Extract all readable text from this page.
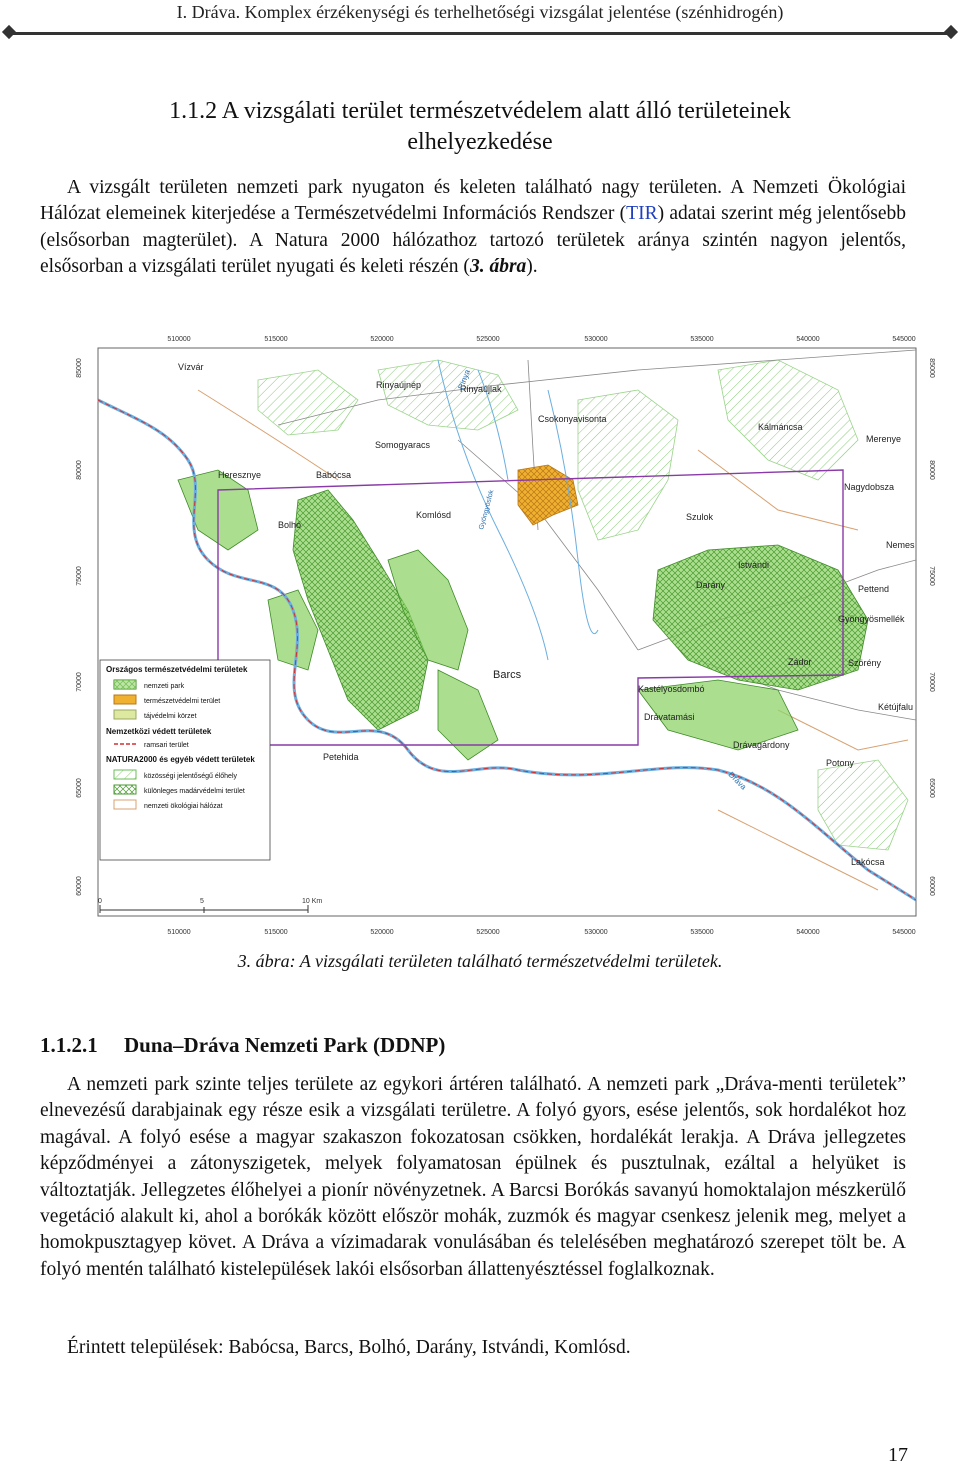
I. Dráva. Komplex érzékenységi és terhelhetőségi vizsgálat jelentése (szénhidrogén)
1.1.2 A vizsgálati terület természetvédelem alatt álló területeinek elhelyezkedése
A vizsgált területen nemzeti park nyugaton és keleten található nagy területen. A Nemzeti Ökológiai Hálózat elemeinek kiterjedése a Természetvédelmi Információs Rendszer (TIR) adatai szerint még jelentősebb (elsősorban magterület). A Natura 2000 hálózathoz tartozó területek aránya szintén nagyon jelentős, elsősorban a vizsgálati terület nyugati és keleti részén (3. ábra).
510000	515000	520000	525000	530000	535000	540000	545000
510000	515000	520000	525000	530000	535000	540000	545000
85000
80000
75000
70000
65000
60000
85000
80000
75000
70000
65000
60000
Vízvár
Rinyaújnép	Rinyaújlak
Csokonyavisonta
Somogyaracs
Heresznye	Babócsa
Kálmáncsa
Merenye
Szulok
Nagydobsza
Bolhó
Komlósd
Istvándi
Darány
Gyöngyösmellék
Barcs
Petehida
Kastélyosdombó
Drávatamási
Zádor	Szörény
Drávagárdony
Potony
Lakócsa
Nemes
Pettend
Kétújfalu
Rinya
Dráva
Gyöngyösfok
Országos természetvédelmi területek
nemzeti park
természetvédelmi terület
tájvédelmi körzet
Nemzetközi védett területek
ramsari terület
NATURA2000 és egyéb védett területek
közösségi jelentőségű élőhely
különleges madárvédelmi terület
nemzeti ökológiai hálózat
0	5	10 Km
3. ábra: A vizsgálati területen található természetvédelmi területek.
1.1.2.1 Duna–Dráva Nemzeti Park (DDNP)
A nemzeti park szinte teljes területe az egykori ártéren található. A nemzeti park „Dráva-menti területek” elnevezésű darabjainak egy része esik a vizsgálati területre. A folyó gyors, esése jelentős, sok hordalékot hoz magával. A folyó esése a magyar szakaszon fokozatosan csökken, hordalékát lerakja. A Dráva jellegzetes képződményei a zátonyszigetek, melyek folyamatosan épülnek és pusztulnak, ezáltal a helyüket is változtatják. Jellegzetes élőhelyei a pionír növényzetnek. A Barcsi Borókás savanyú homoktalajon mészkerülő vegetáció alakult ki, ahol a borókák között először mohák, zuzmók és magyar csenkesz jelenik meg, melyet a homokpusztagyep követ. A Dráva a vízimadarak vonulásában és telelésében meghatározó szerepet tölt be. A folyó mentén található kistelepülések lakói elsősorban állattenyésztéssel foglalkoznak.
Érintett települések: Babócsa, Barcs, Bolhó, Darány, Istvándi, Komlósd.
17
